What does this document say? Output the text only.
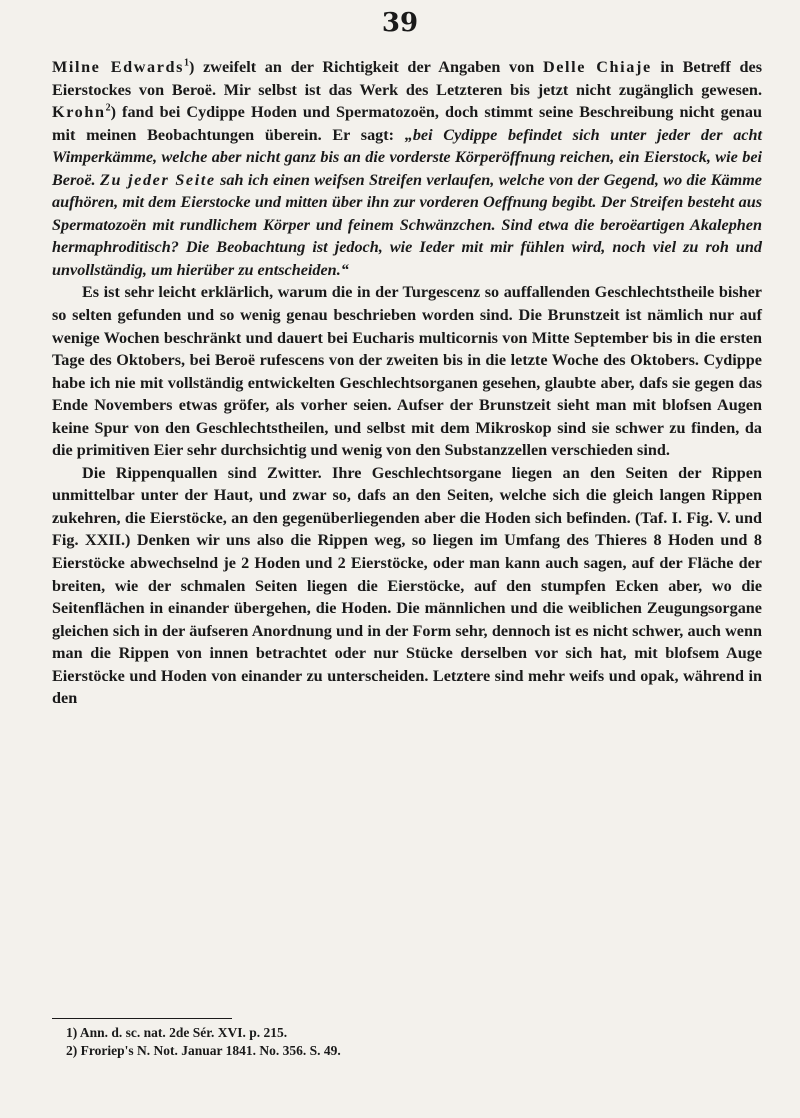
39

Milne Edwards$^1$) zweifelt an der Richtigkeit der Angaben von Delle Chiaje in Betreff des Eierstockes von Beroë. Mir selbst ist das Werk des Letzteren bis jetzt nicht zugänglich gewesen. Krohn$^2$) fand bei Cydippe Hoden und Spermatozoën, doch stimmt seine Beschreibung nicht genau mit meinen Beobachtungen überein. Er sagt: „bei Cydippe befindet sich unter jeder der acht Wimperkämme, welche aber nicht ganz bis an die vorderste Körperöffnung reichen, ein Eierstock, wie bei Beroë. Zu jeder Seite sah ich einen weifsen Streifen verlaufen, welche von der Gegend, wo die Kämme aufhören, mit dem Eierstocke und mitten über ihn zur vorderen Oeffnung begibt. Der Streifen besteht aus Spermatozoën mit rundlichem Körper und feinem Schwänzchen. Sind etwa die beroëartigen Akalephen hermaphroditisch? Die Beobachtung ist jedoch, wie Ieder mit mir fühlen wird, noch viel zu roh und unvollständig, um hierüber zu entscheiden.“

Es ist sehr leicht erklärlich, warum die in der Turgescenz so auffallenden Geschlechtstheile bisher so selten gefunden und so wenig genau beschrieben worden sind. Die Brunstzeit ist nämlich nur auf wenige Wochen beschränkt und dauert bei Eucharis multicornis von Mitte September bis in die ersten Tage des Oktobers, bei Beroë rufescens von der zweiten bis in die letzte Woche des Oktobers. Cydippe habe ich nie mit vollständig entwickelten Geschlechtsorganen gesehen, glaubte aber, dafs sie gegen das Ende Novembers etwas gröfer, als vorher seien. Aufser der Brunstzeit sieht man mit blofsen Augen keine Spur von den Geschlechtstheilen, und selbst mit dem Mikroskop sind sie schwer zu finden, da die primitiven Eier sehr durchsichtig und wenig von den Substanzzellen verschieden sind.

Die Rippenquallen sind Zwitter. Ihre Geschlechtsorgane liegen an den Seiten der Rippen unmittelbar unter der Haut, und zwar so, dafs an den Seiten, welche sich die gleich langen Rippen zukehren, die Eierstöcke, an den gegenüberliegenden aber die Hoden sich befinden. (Taf. I. Fig. V. und Fig. XXII.) Denken wir uns also die Rippen weg, so liegen im Umfang des Thieres 8 Hoden und 8 Eierstöcke abwechselnd je 2 Hoden und 2 Eierstöcke, oder man kann auch sagen, auf der Fläche der breiten, wie der schmalen Seiten liegen die Eierstöcke, auf den stumpfen Ecken aber, wo die Seitenflächen in einander übergehen, die Hoden. Die männlichen und die weiblichen Zeugungsorgane gleichen sich in der äufseren Anordnung und in der Form sehr, dennoch ist es nicht schwer, auch wenn man die Rippen von innen betrachtet oder nur Stücke derselben vor sich hat, mit blofsem Auge Eierstöcke und Hoden von einander zu unterscheiden. Letztere sind mehr weifs und opak, während in den

1) Ann. d. sc. nat. 2de Sér. XVI. p. 215.
2) Froriep's N. Not. Januar 1841. No. 356. S. 49.
